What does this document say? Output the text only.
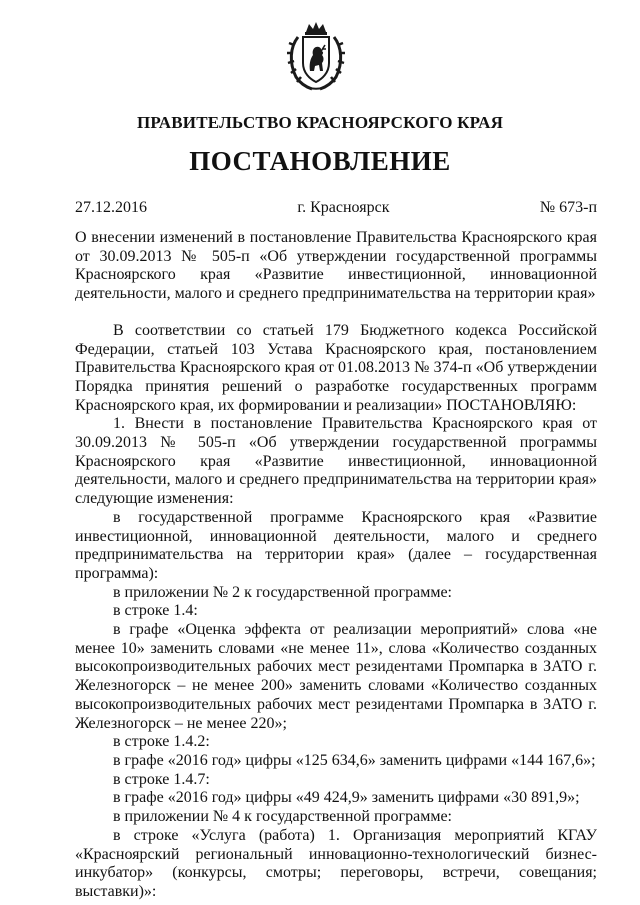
ПРАВИТЕЛЬСТВО КРАСНОЯРСКОГО КРАЯ
ПОСТАНОВЛЕНИЕ
27.12.2016	г. Красноярск	№ 673-п

О внесении изменений в постановление Правительства Красноярского края от 30.09.2013 № 505-п «Об утверждении государственной программы Красноярского края «Развитие инвестиционной, инновационной деятельности, малого и среднего предпринимательства на территории края»

В соответствии со статьей 179 Бюджетного кодекса Российской Федерации, статьей 103 Устава Красноярского края, постановлением Правительства Красноярского края от 01.08.2013 № 374-п «Об утверждении Порядка принятия решений о разработке государственных программ Красноярского края, их формировании и реализации» ПОСТАНОВЛЯЮ:

1. Внести в постановление Правительства Красноярского края от 30.09.2013 № 505-п «Об утверждении государственной программы Красноярского края «Развитие инвестиционной, инновационной деятельности, малого и среднего предпринимательства на территории края» следующие изменения:

в государственной программе Красноярского края «Развитие инвестиционной, инновационной деятельности, малого и среднего предпринимательства на территории края» (далее – государственная программа):

в приложении № 2 к государственной программе:

в строке 1.4:

в графе «Оценка эффекта от реализации мероприятий» слова «не менее 10» заменить словами «не менее 11», слова «Количество созданных высокопроизводительных рабочих мест резидентами Промпарка в ЗАТО г. Железногорск – не менее 200» заменить словами «Количество созданных высокопроизводительных рабочих мест резидентами Промпарка в ЗАТО г. Железногорск – не менее 220»;

в строке 1.4.2:

в графе «2016 год» цифры «125 634,6» заменить цифрами «144 167,6»;

в строке 1.4.7:

в графе «2016 год» цифры «49 424,9» заменить цифрами «30 891,9»;

в приложении № 4 к государственной программе:

в строке «Услуга (работа) 1. Организация мероприятий КГАУ «Красноярский региональный инновационно-технологический бизнес-инкубатор» (конкурсы, смотры; переговоры, встречи, совещания; выставки)»:
